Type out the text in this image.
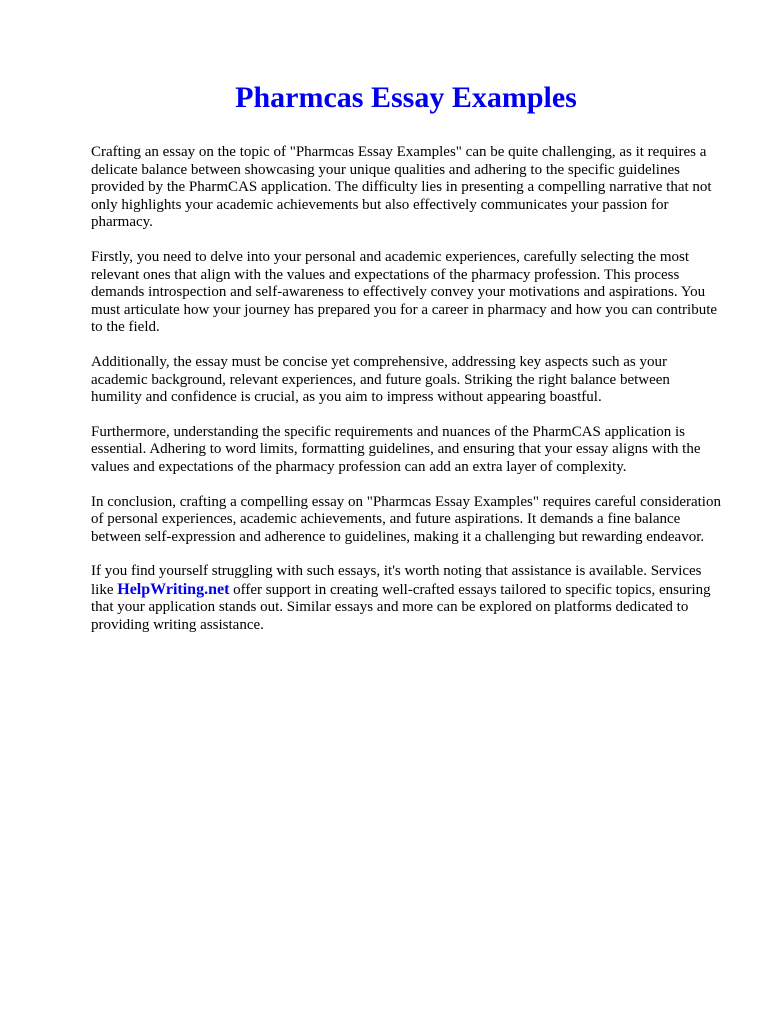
Pharmcas Essay Examples

Crafting an essay on the topic of "Pharmcas Essay Examples" can be quite challenging, as it requires a delicate balance between showcasing your unique qualities and adhering to the specific guidelines provided by the PharmCAS application. The difficulty lies in presenting a compelling narrative that not only highlights your academic achievements but also effectively communicates your passion for pharmacy.

Firstly, you need to delve into your personal and academic experiences, carefully selecting the most relevant ones that align with the values and expectations of the pharmacy profession. This process demands introspection and self-awareness to effectively convey your motivations and aspirations. You must articulate how your journey has prepared you for a career in pharmacy and how you can contribute to the field.

Additionally, the essay must be concise yet comprehensive, addressing key aspects such as your academic background, relevant experiences, and future goals. Striking the right balance between humility and confidence is crucial, as you aim to impress without appearing boastful.

Furthermore, understanding the specific requirements and nuances of the PharmCAS application is essential. Adhering to word limits, formatting guidelines, and ensuring that your essay aligns with the values and expectations of the pharmacy profession can add an extra layer of complexity.

In conclusion, crafting a compelling essay on "Pharmcas Essay Examples" requires careful consideration of personal experiences, academic achievements, and future aspirations. It demands a fine balance between self-expression and adherence to guidelines, making it a challenging but rewarding endeavor.

If you find yourself struggling with such essays, it's worth noting that assistance is available. Services like HelpWriting.net offer support in creating well-crafted essays tailored to specific topics, ensuring that your application stands out. Similar essays and more can be explored on platforms dedicated to providing writing assistance.
